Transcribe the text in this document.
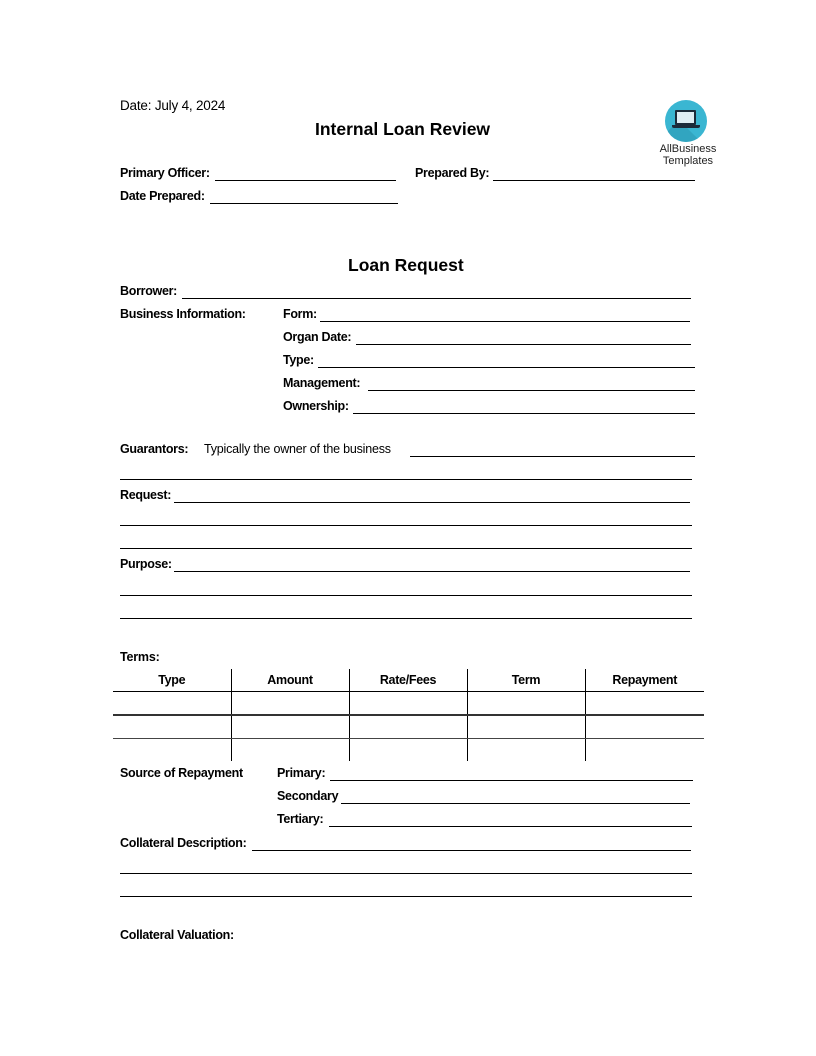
Date: July 4, 2024
Internal Loan Review
AllBusiness
Templates
Primary Officer:	Prepared By:
Date Prepared:
Loan Request
Borrower:
Business Information:	Form:
Organ Date:
Type:
Management:
Ownership:
Guarantors: Typically the owner of the business
Request:
Purpose:
Terms:
Type	Amount	Rate/Fees	Term	Repayment

Source of Repayment	Primary:
Secondary
Tertiary:
Collateral Description:
Collateral Valuation:
